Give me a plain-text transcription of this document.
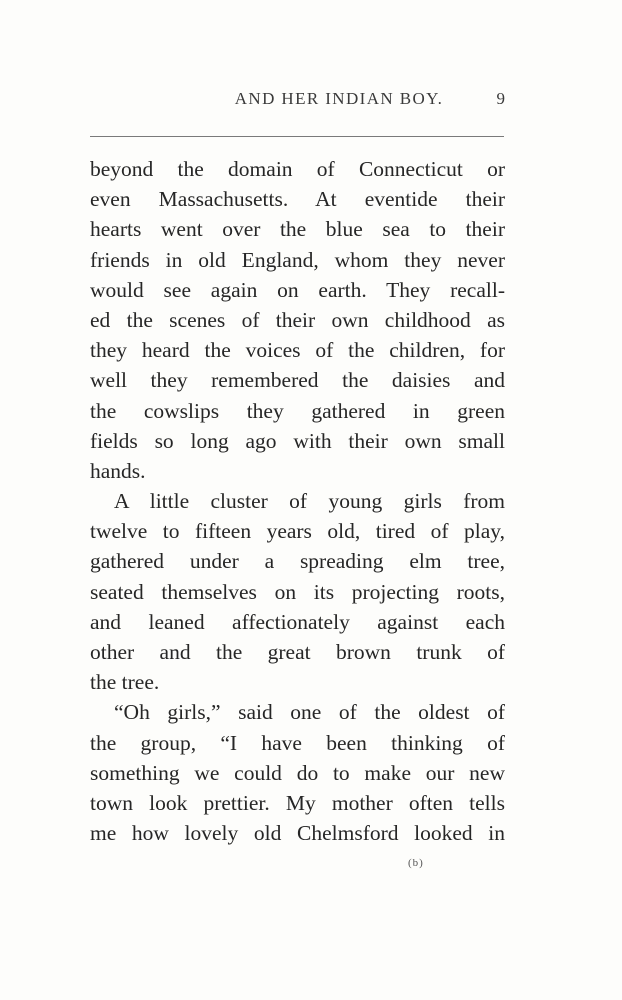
AND HER INDIAN BOY.	9
beyond the domain of Connecticut or
even Massachusetts. At eventide their
hearts went over the blue sea to their
friends in old England, whom they never
would see again on earth. They recall-
ed the scenes of their own childhood as
they heard the voices of the children, for
well they remembered the daisies and
the cowslips they gathered in green
fields so long ago with their own small
hands.
A little cluster of young girls from
twelve to fifteen years old, tired of play,
gathered under a spreading elm tree,
seated themselves on its projecting roots,
and leaned affectionately against each
other and the great brown trunk of
the tree.
“Oh girls,” said one of the oldest of
the group, “I have been thinking of
something we could do to make our new
town look prettier. My mother often tells
me how lovely old Chelmsford looked in
(b)
